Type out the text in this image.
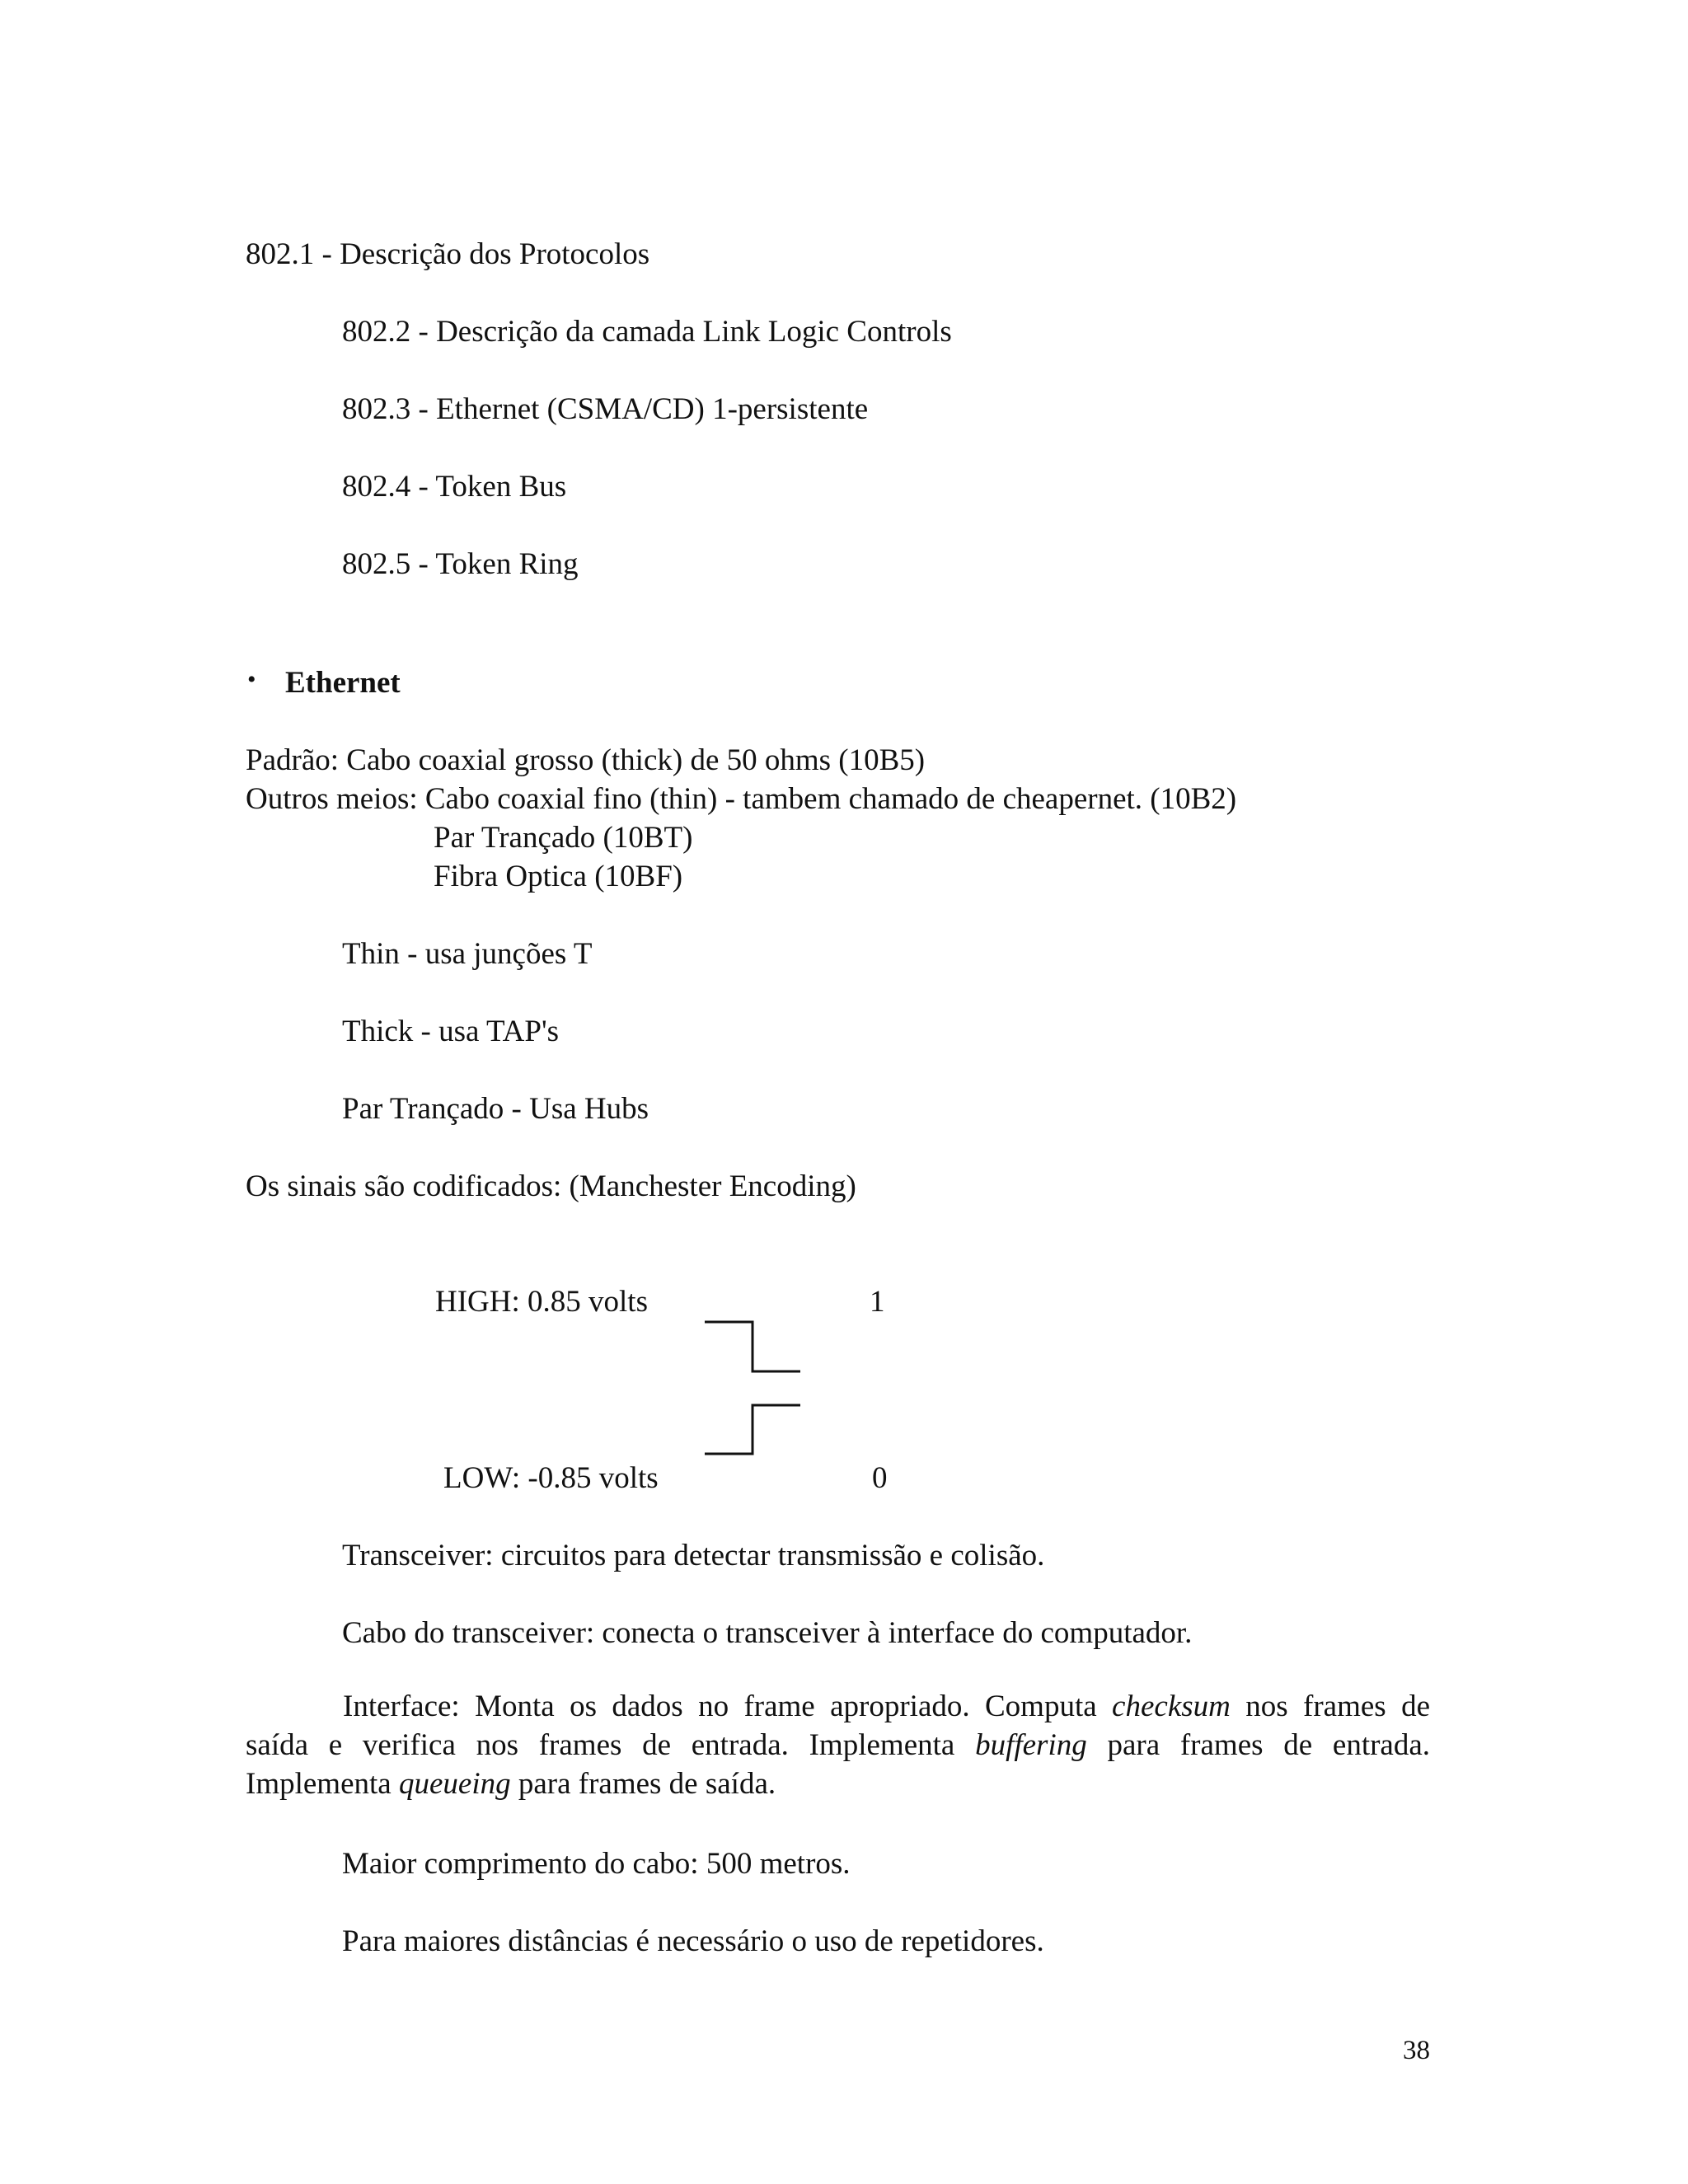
802.1 - Descrição dos Protocolos
802.2 - Descrição da camada Link Logic Controls
802.3 - Ethernet (CSMA/CD) 1-persistente
802.4 - Token Bus
802.5 - Token Ring
• Ethernet
Padrão: Cabo coaxial grosso (thick) de 50 ohms (10B5)
Outros meios: Cabo coaxial fino (thin) - tambem chamado de cheapernet. (10B2)
Par Trançado (10BT)
Fibra Optica (10BF)
Thin - usa junções T
Thick - usa TAP's
Par Trançado - Usa Hubs
Os sinais são codificados: (Manchester Encoding)
HIGH: 0.85 volts	1
LOW: -0.85 volts	0
Transceiver: circuitos para detectar transmissão e colisão.
Cabo do transceiver: conecta o transceiver à interface do computador.
Interface: Monta os dados no frame apropriado. Computa checksum nos frames de
saída e verifica nos frames de entrada. Implementa buffering para frames de entrada.
Implementa queueing para frames de saída.
Maior comprimento do cabo: 500 metros.
Para maiores distâncias é necessário o uso de repetidores.
38
